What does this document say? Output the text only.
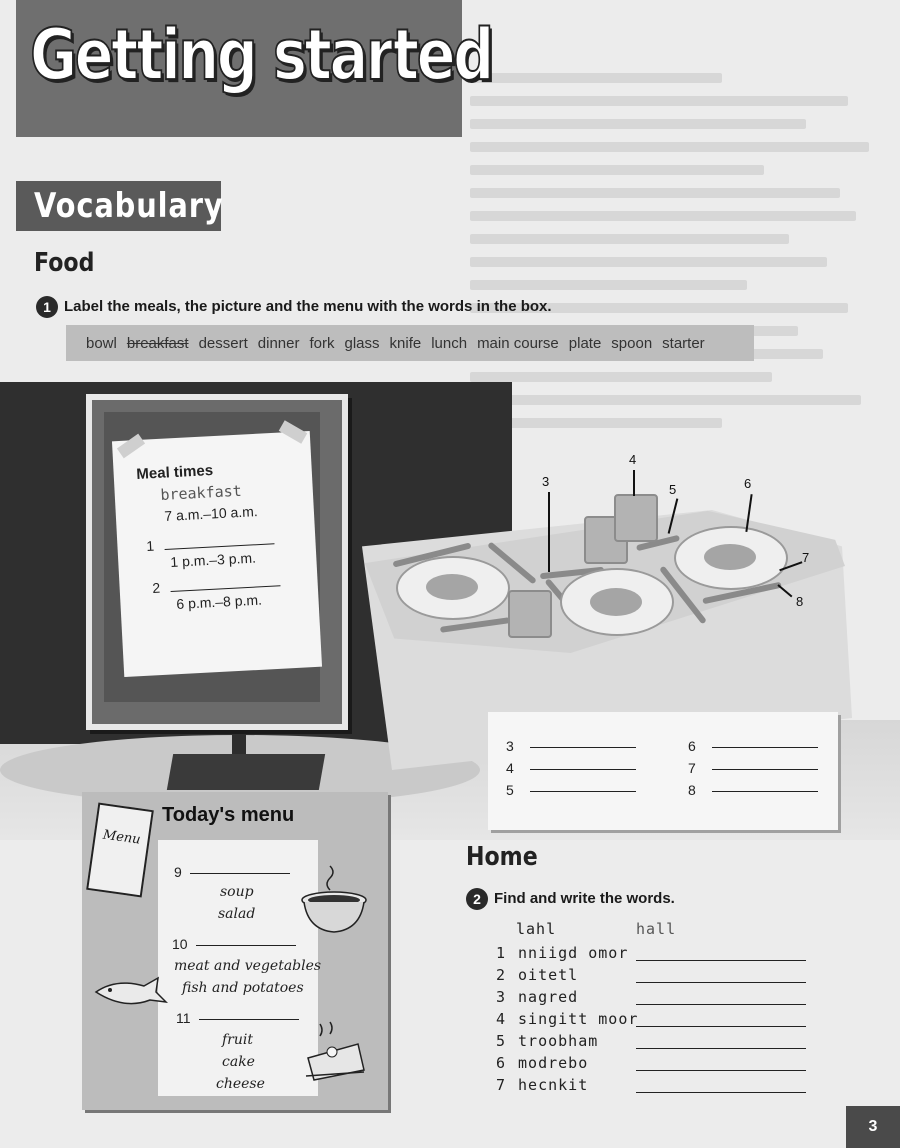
Getting started
Vocabulary
Food
1 Label the meals, the picture and the menu with the words in the box.
bowl breakfast dessert dinner fork glass knife lunch main course plate spoon starter
Meal times
breakfast
7 a.m.–10 a.m.
1
1 p.m.–3 p.m.
2
6 p.m.–8 p.m.
3
4
5	6
7
8
3
4
5
6
7
8
Menu
Today's menu
9
soup
salad
10
meat and vegetables
fish and potatoes
11
fruit
cake
cheese
Home
2 Find and write the words.
lahl	hall
1 nniigd omor
2 oitetl
3 nagred
4 singitt moor
5 troobham
6 modrebo
7 hecnkit
3
